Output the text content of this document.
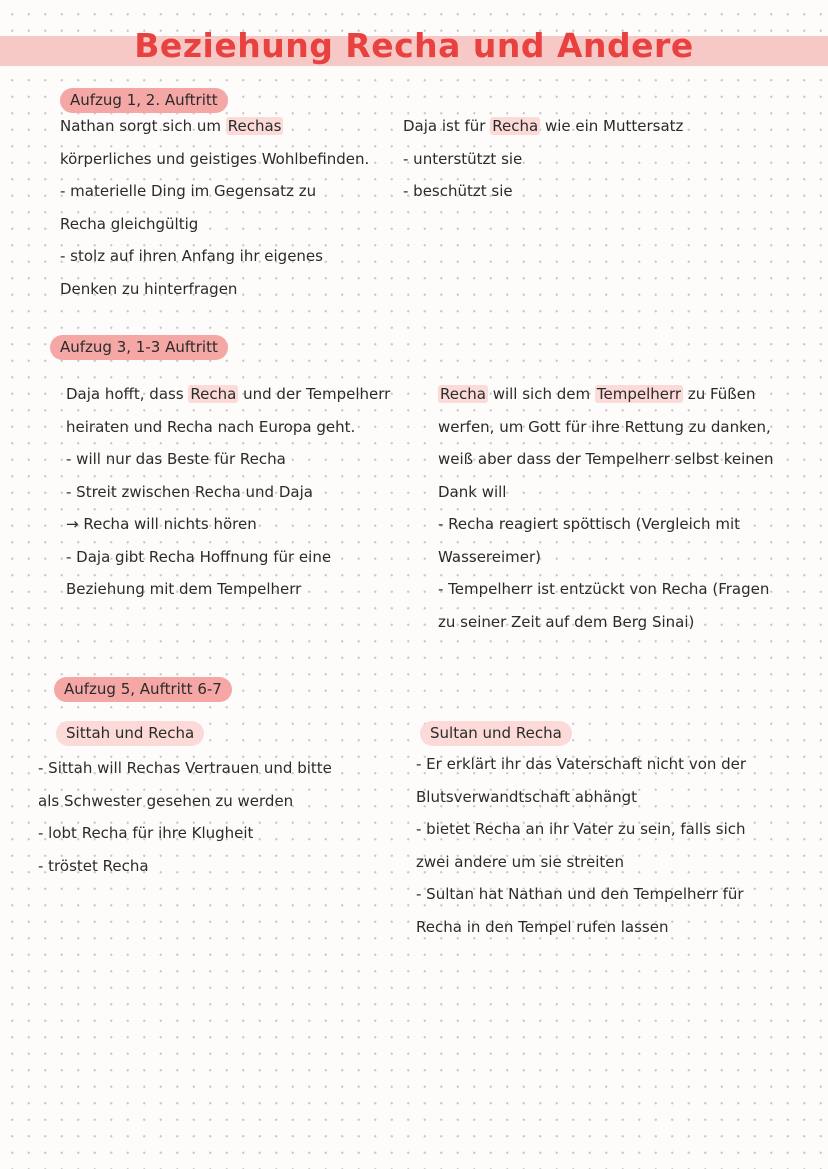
Beziehung Recha und Andere
Aufzug 1, 2. Auftritt
Nathan sorgt sich um Rechas
körperliches und geistiges Wohlbefinden.
- materielle Ding im Gegensatz zu
Recha gleichgültig
- stolz auf ihren Anfang ihr eigenes
Denken zu hinterfragen
Daja ist für Recha wie ein Muttersatz
- unterstützt sie
- beschützt sie
Aufzug 3, 1-3 Auftritt
Daja hofft, dass Recha und der Tempelherr
heiraten und Recha nach Europa geht.
- will nur das Beste für Recha
- Streit zwischen Recha und Daja
→ Recha will nichts hören
- Daja gibt Recha Hoffnung für eine
Beziehung mit dem Tempelherr
Recha will sich dem Tempelherr zu Füßen
werfen, um Gott für ihre Rettung zu danken,
weiß aber dass der Tempelherr selbst keinen
Dank will
- Recha reagiert spöttisch (Vergleich mit
Wassereimer)
- Tempelherr ist entzückt von Recha (Fragen
zu seiner Zeit auf dem Berg Sinai)
Aufzug 5, Auftritt 6-7
Sittah und Recha	Sultan und Recha
- Sittah will Rechas Vertrauen und bitte
als Schwester gesehen zu werden
- lobt Recha für ihre Klugheit
- tröstet Recha
- Er erklärt ihr das Vaterschaft nicht von der
Blutsverwandtschaft abhängt
- bietet Recha an ihr Vater zu sein, falls sich
zwei andere um sie streiten
- Sultan hat Nathan und den Tempelherr für
Recha in den Tempel rufen lassen
